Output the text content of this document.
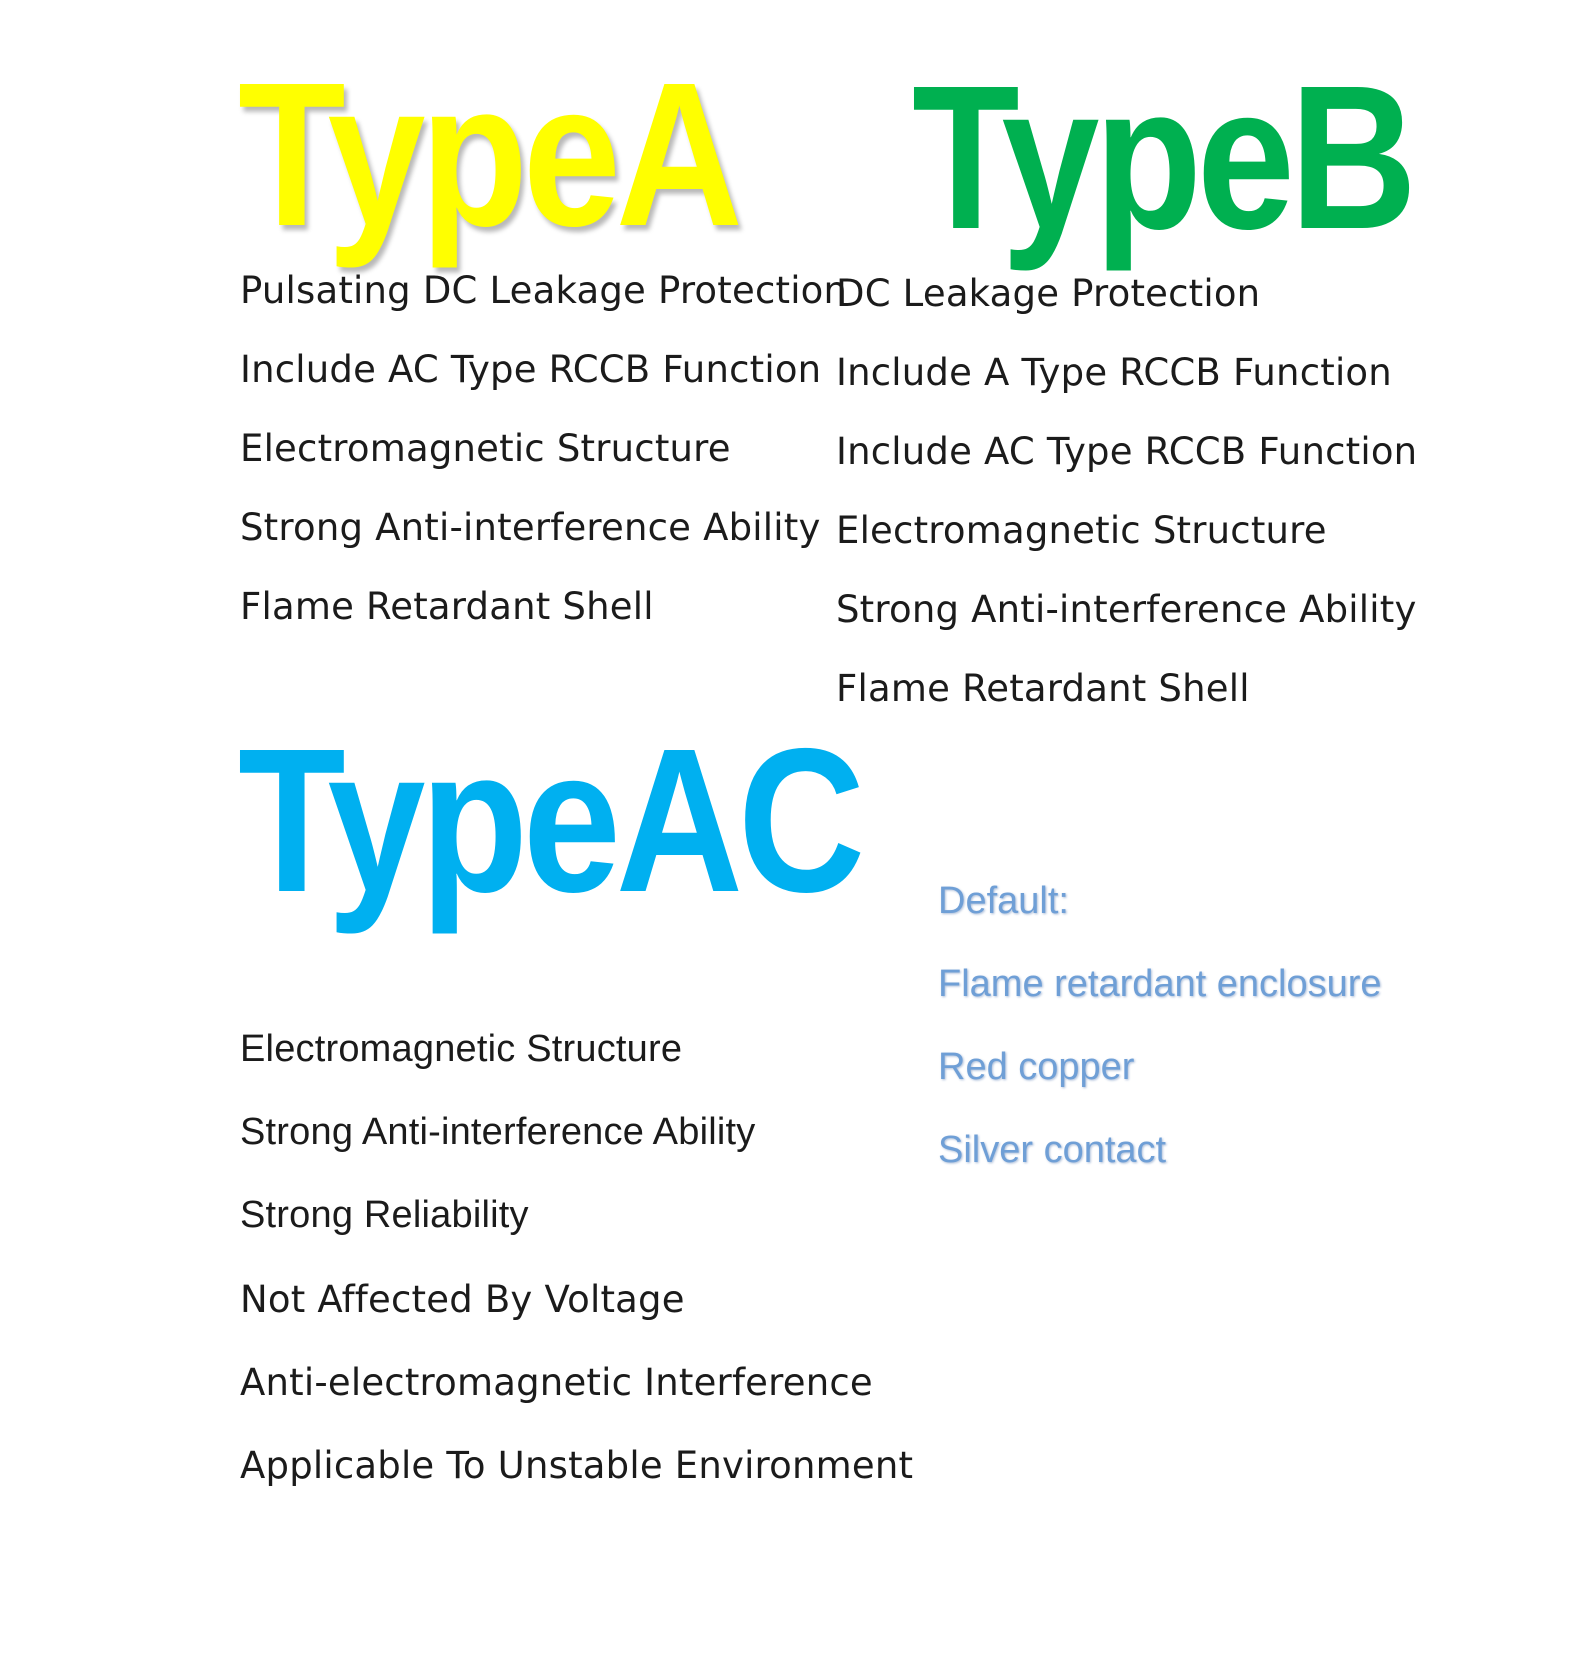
TypeA

Pulsating DC Leakage Protection

Include AC Type RCCB Function

Electromagnetic Structure

Strong Anti-interference Ability

Flame Retardant Shell

TypeB

DC Leakage Protection

Include A Type RCCB Function

Include AC Type RCCB Function

Electromagnetic Structure

Strong Anti-interference Ability

Flame Retardant Shell

TypeAC

Electromagnetic Structure

Strong Anti-interference Ability

Strong Reliability

Not Affected By Voltage

Anti-electromagnetic Interference

Applicable To Unstable Environment

Default:

Flame retardant enclosure

Red copper

Silver contact
